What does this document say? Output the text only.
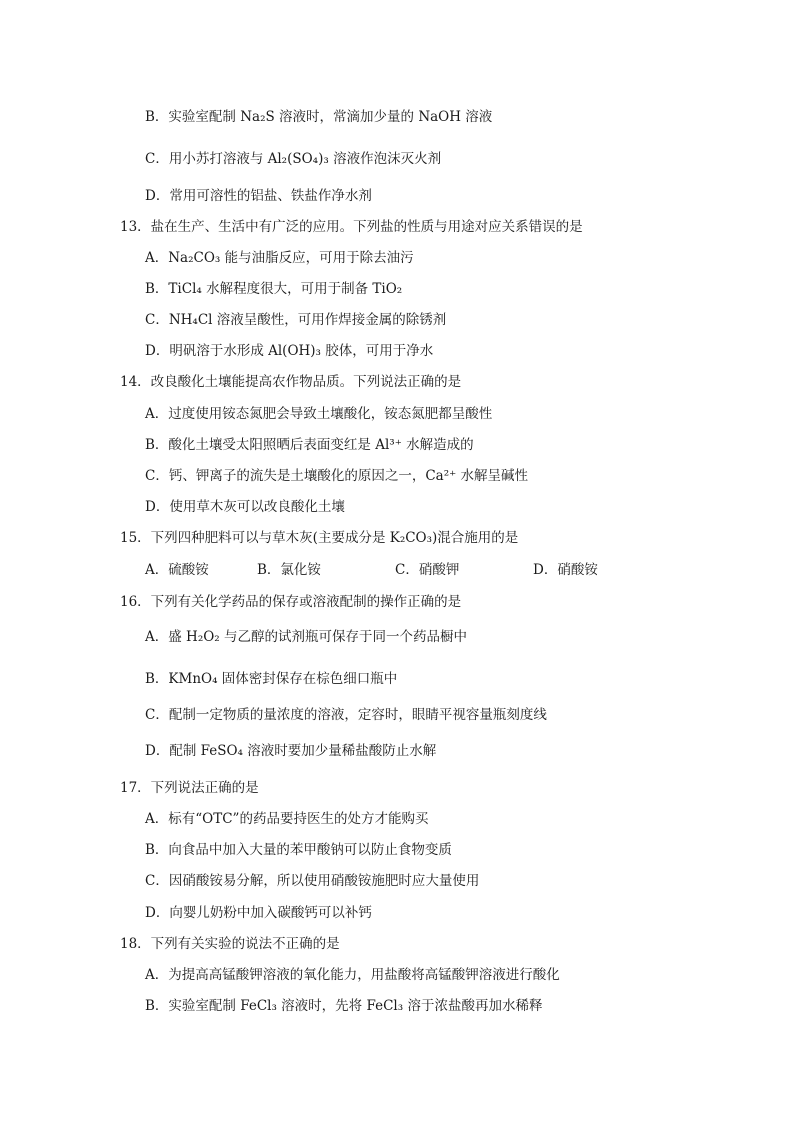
B．实验室配制 Na₂S 溶液时，常滴加少量的 NaOH 溶液
C．用小苏打溶液与 Al₂(SO₄)₃ 溶液作泡沫灭火剂
D．常用可溶性的铝盐、铁盐作净水剂
13．盐在生产、生活中有广泛的应用。下列盐的性质与用途对应关系错误的是
A．Na₂CO₃ 能与油脂反应，可用于除去油污
B．TiCl₄ 水解程度很大，可用于制备 TiO₂
C．NH₄Cl 溶液呈酸性，可用作焊接金属的除锈剂
D．明矾溶于水形成 Al(OH)₃ 胶体，可用于净水
14．改良酸化土壤能提高农作物品质。下列说法正确的是
A．过度使用铵态氮肥会导致土壤酸化，铵态氮肥都呈酸性
B．酸化土壤受太阳照晒后表面变红是 Al³⁺ 水解造成的
C．钙、钾离子的流失是土壤酸化的原因之一，Ca²⁺ 水解呈碱性
D．使用草木灰可以改良酸化土壤
15．下列四种肥料可以与草木灰(主要成分是 K₂CO₃)混合施用的是
A．硫酸铵	B．氯化铵	C．硝酸钾	D．硝酸铵
16．下列有关化学药品的保存或溶液配制的操作正确的是
A．盛 H₂O₂ 与乙醇的试剂瓶可保存于同一个药品橱中
B．KMnO₄ 固体密封保存在棕色细口瓶中
C．配制一定物质的量浓度的溶液，定容时，眼睛平视容量瓶刻度线
D．配制 FeSO₄ 溶液时要加少量稀盐酸防止水解
17．下列说法正确的是
A．标有“OTC”的药品要持医生的处方才能购买
B．向食品中加入大量的苯甲酸钠可以防止食物变质
C．因硝酸铵易分解，所以使用硝酸铵施肥时应大量使用
D．向婴儿奶粉中加入碳酸钙可以补钙
18．下列有关实验的说法不正确的是
A．为提高高锰酸钾溶液的氧化能力，用盐酸将高锰酸钾溶液进行酸化
B．实验室配制 FeCl₃ 溶液时，先将 FeCl₃ 溶于浓盐酸再加水稀释
